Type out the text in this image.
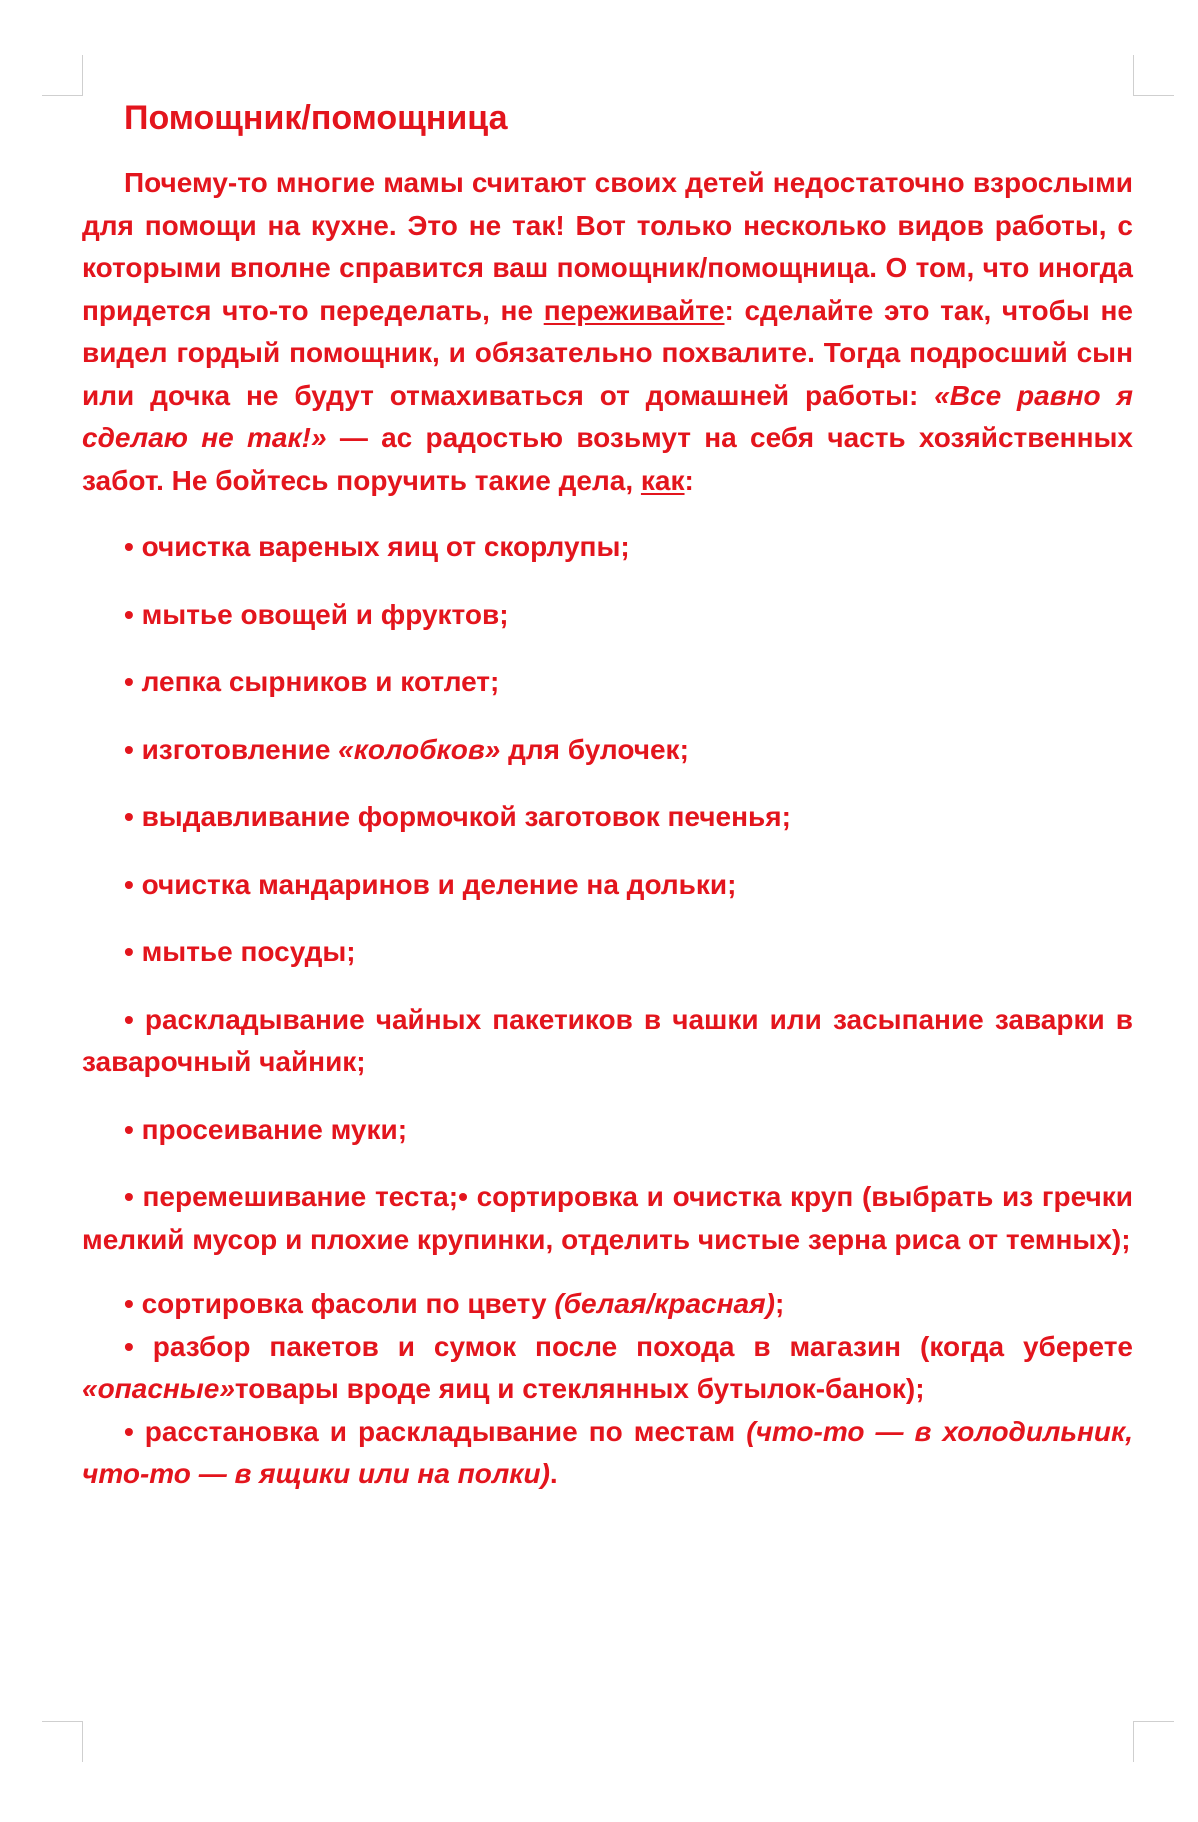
Помощник/помощница

Почему-то многие мамы считают своих детей недостаточно взрослыми для помощи на кухне. Это не так! Вот только несколько видов работы, с которыми вполне справится ваш помощник/помощница. О том, что иногда придется что-то переделать, не переживайте: сделайте это так, чтобы не видел гордый помощник, и обязательно похвалите. Тогда подросший сын или дочка не будут отмахиваться от домашней работы: «Все равно я сделаю не так!» — ас радостью возьмут на себя часть хозяйственных забот. Не бойтесь поручить такие дела, как:

• очистка вареных яиц от скорлупы;

• мытье овощей и фруктов;

• лепка сырников и котлет;

• изготовление «колобков» для булочек;

• выдавливание формочкой заготовок печенья;

• очистка мандаринов и деление на дольки;

• мытье посуды;

• раскладывание чайных пакетиков в чашки или засыпание заварки в заварочный чайник;

• просеивание муки;

• перемешивание теста;• сортировка и очистка круп (выбрать из гречки мелкий мусор и плохие крупинки, отделить чистые зерна риса от темных);

• сортировка фасоли по цвету (белая/красная);

• разбор пакетов и сумок после похода в магазин (когда уберете «опасные»товары вроде яиц и стеклянных бутылок-банок);

• расстановка и раскладывание по местам (что-то — в холодильник, что-то — в ящики или на полки).
